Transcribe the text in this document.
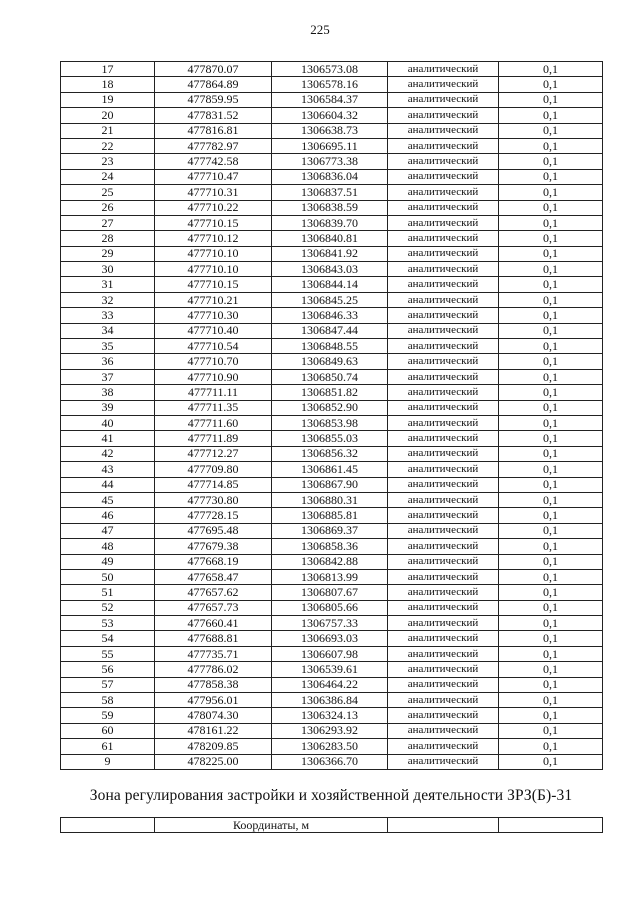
225
17	477870.07	1306573.08	аналитический	0,1
18	477864.89	1306578.16	аналитический	0,1
19	477859.95	1306584.37	аналитический	0,1
20	477831.52	1306604.32	аналитический	0,1
21	477816.81	1306638.73	аналитический	0,1
22	477782.97	1306695.11	аналитический	0,1
23	477742.58	1306773.38	аналитический	0,1
24	477710.47	1306836.04	аналитический	0,1
25	477710.31	1306837.51	аналитический	0,1
26	477710.22	1306838.59	аналитический	0,1
27	477710.15	1306839.70	аналитический	0,1
28	477710.12	1306840.81	аналитический	0,1
29	477710.10	1306841.92	аналитический	0,1
30	477710.10	1306843.03	аналитический	0,1
31	477710.15	1306844.14	аналитический	0,1
32	477710.21	1306845.25	аналитический	0,1
33	477710.30	1306846.33	аналитический	0,1
34	477710.40	1306847.44	аналитический	0,1
35	477710.54	1306848.55	аналитический	0,1
36	477710.70	1306849.63	аналитический	0,1
37	477710.90	1306850.74	аналитический	0,1
38	477711.11	1306851.82	аналитический	0,1
39	477711.35	1306852.90	аналитический	0,1
40	477711.60	1306853.98	аналитический	0,1
41	477711.89	1306855.03	аналитический	0,1
42	477712.27	1306856.32	аналитический	0,1
43	477709.80	1306861.45	аналитический	0,1
44	477714.85	1306867.90	аналитический	0,1
45	477730.80	1306880.31	аналитический	0,1
46	477728.15	1306885.81	аналитический	0,1
47	477695.48	1306869.37	аналитический	0,1
48	477679.38	1306858.36	аналитический	0,1
49	477668.19	1306842.88	аналитический	0,1
50	477658.47	1306813.99	аналитический	0,1
51	477657.62	1306807.67	аналитический	0,1
52	477657.73	1306805.66	аналитический	0,1
53	477660.41	1306757.33	аналитический	0,1
54	477688.81	1306693.03	аналитический	0,1
55	477735.71	1306607.98	аналитический	0,1
56	477786.02	1306539.61	аналитический	0,1
57	477858.38	1306464.22	аналитический	0,1
58	477956.01	1306386.84	аналитический	0,1
59	478074.30	1306324.13	аналитический	0,1
60	478161.22	1306293.92	аналитический	0,1
61	478209.85	1306283.50	аналитический	0,1
9	478225.00	1306366.70	аналитический	0,1
Зона регулирования застройки и хозяйственной деятельности ЗРЗ(Б)-31
	Координаты, м		
